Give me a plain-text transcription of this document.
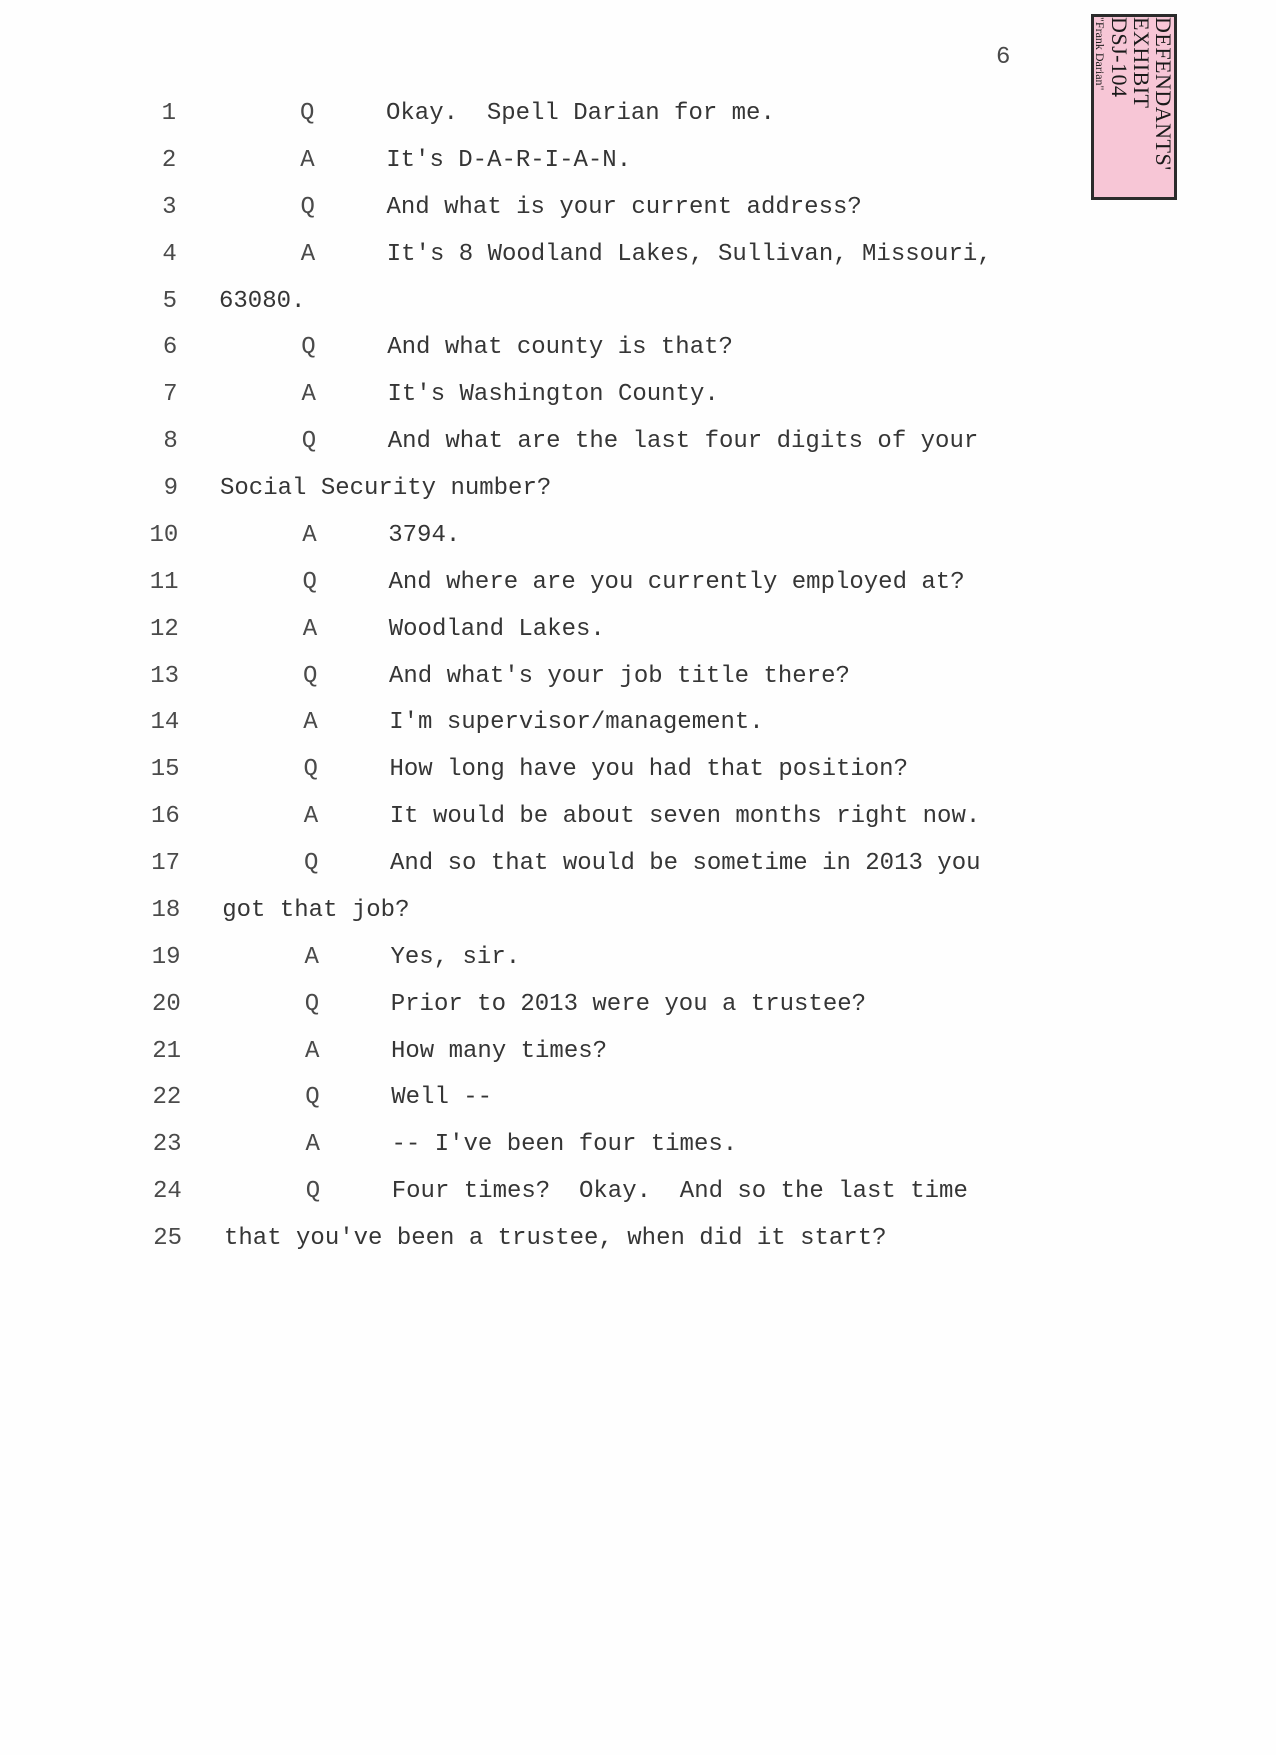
6	DEFENDANTS'
EXHIBIT
DSJ-104
"Frank Darian"
1	Q	Okay.  Spell Darian for me.
2	A	It's D-A-R-I-A-N.
3	Q	And what is your current address?
4	A	It's 8 Woodland Lakes, Sullivan, Missouri,
5 63080.
6	Q	And what county is that?
7	A	It's Washington County.
8	Q	And what are the last four digits of your
9 Social Security number?
10	A	3794.
11	Q	And where are you currently employed at?
12	A	Woodland Lakes.
13	Q	And what's your job title there?
14	A	I'm supervisor/management.
15	Q	How long have you had that position?
16	A	It would be about seven months right now.
17	Q	And so that would be sometime in 2013 you
18 got that job?
19	A	Yes, sir.
20	Q	Prior to 2013 were you a trustee?
21	A	How many times?
22	Q	Well --
23	A	-- I've been four times.
24	Q	Four times?  Okay.  And so the last time
25 that you've been a trustee, when did it start?
